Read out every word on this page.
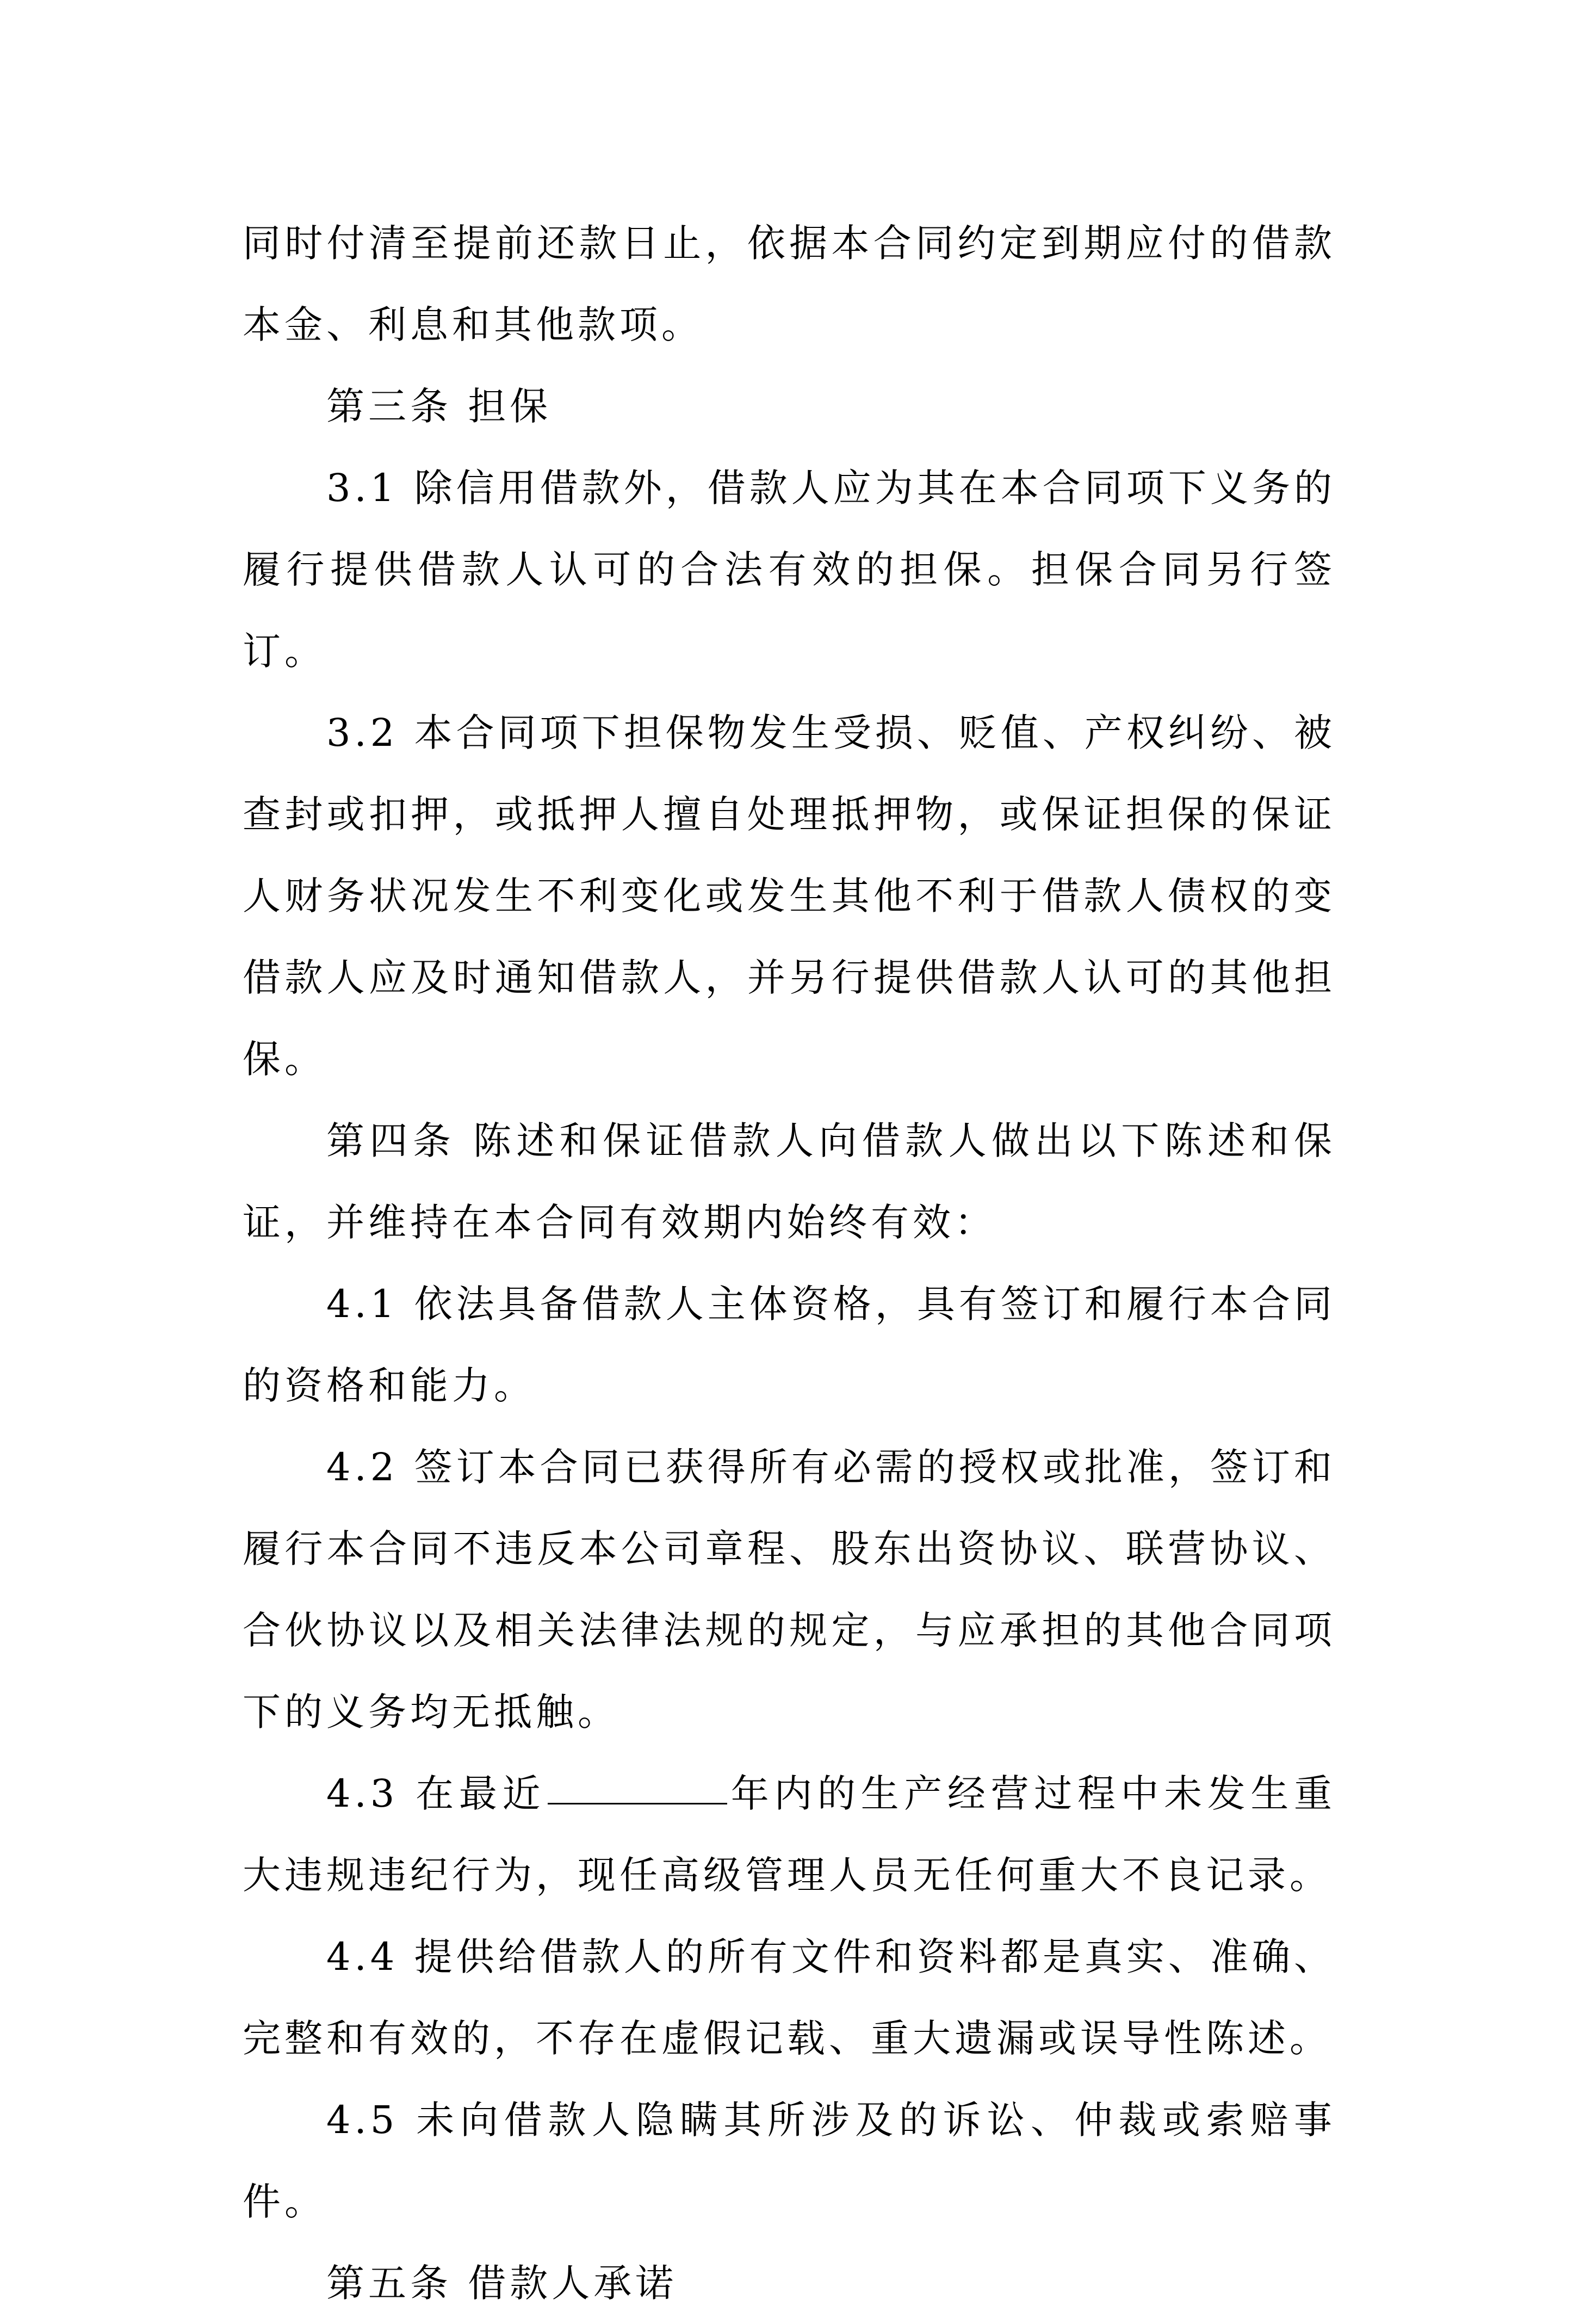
同时付清至提前还款日止，依据本合同约定到期应付的借款本金、利息和其他款项。

第三条 担保

3.1 除信用借款外，借款人应为其在本合同项下义务的履行提供借款人认可的合法有效的担保。担保合同另行签订。

3.2 本合同项下担保物发生受损、贬值、产权纠纷、被查封或扣押，或抵押人擅自处理抵押物，或保证担保的保证人财务状况发生不利变化或发生其他不利于借款人债权的变借款人应及时通知借款人，并另行提供借款人认可的其他担保。

第四条 陈述和保证借款人向借款人做出以下陈述和保证，并维持在本合同有效期内始终有效：

4.1 依法具备借款人主体资格，具有签订和履行本合同的资格和能力。

4.2 签订本合同已获得所有必需的授权或批准，签订和履行本合同不违反本公司章程、股东出资协议、联营协议、合伙协议以及相关法律法规的规定，与应承担的其他合同项下的义务均无抵触。

4.3 在最近	年内的生产经营过程中未发生重大违规违纪行为，现任高级管理人员无任何重大不良记录。

4.4 提供给借款人的所有文件和资料都是真实、准确、完整和有效的，不存在虚假记载、重大遗漏或误导性陈述。

4.5 未向借款人隐瞒其所涉及的诉讼、仲裁或索赔事件。

第五条 借款人承诺
